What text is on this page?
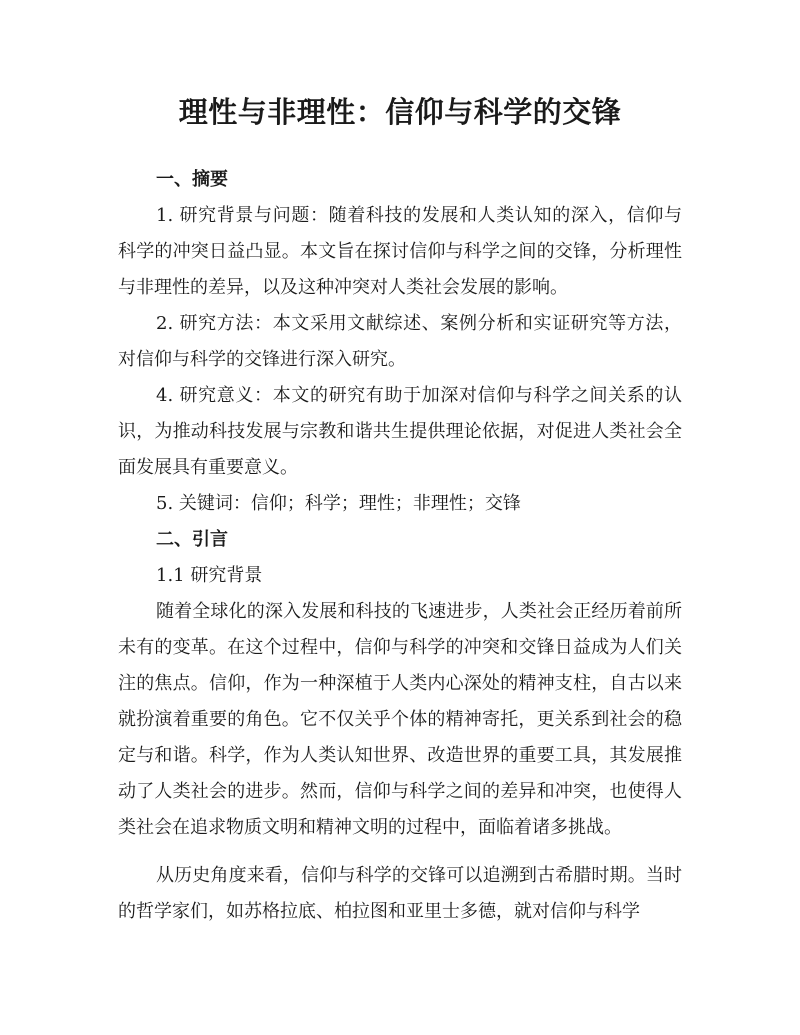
理性与非理性：信仰与科学的交锋
一、摘要

1. 研究背景与问题：随着科技的发展和人类认知的深入，信仰与科学的冲突日益凸显。本文旨在探讨信仰与科学之间的交锋，分析理性与非理性的差异，以及这种冲突对人类社会发展的影响。

2. 研究方法：本文采用文献综述、案例分析和实证研究等方法，对信仰与科学的交锋进行深入研究。

4. 研究意义：本文的研究有助于加深对信仰与科学之间关系的认识，为推动科技发展与宗教和谐共生提供理论依据，对促进人类社会全面发展具有重要意义。

5. 关键词：信仰；科学；理性；非理性；交锋

二、引言

1.1 研究背景

随着全球化的深入发展和科技的飞速进步，人类社会正经历着前所未有的变革。在这个过程中，信仰与科学的冲突和交锋日益成为人们关注的焦点。信仰，作为一种深植于人类内心深处的精神支柱，自古以来就扮演着重要的角色。它不仅关乎个体的精神寄托，更关系到社会的稳定与和谐。科学，作为人类认知世界、改造世界的重要工具，其发展推动了人类社会的进步。然而，信仰与科学之间的差异和冲突，也使得人类社会在追求物质文明和精神文明的过程中，面临着诸多挑战。

从历史角度来看，信仰与科学的交锋可以追溯到古希腊时期。当时的哲学家们，如苏格拉底、柏拉图和亚里士多德，就对信仰与科学
